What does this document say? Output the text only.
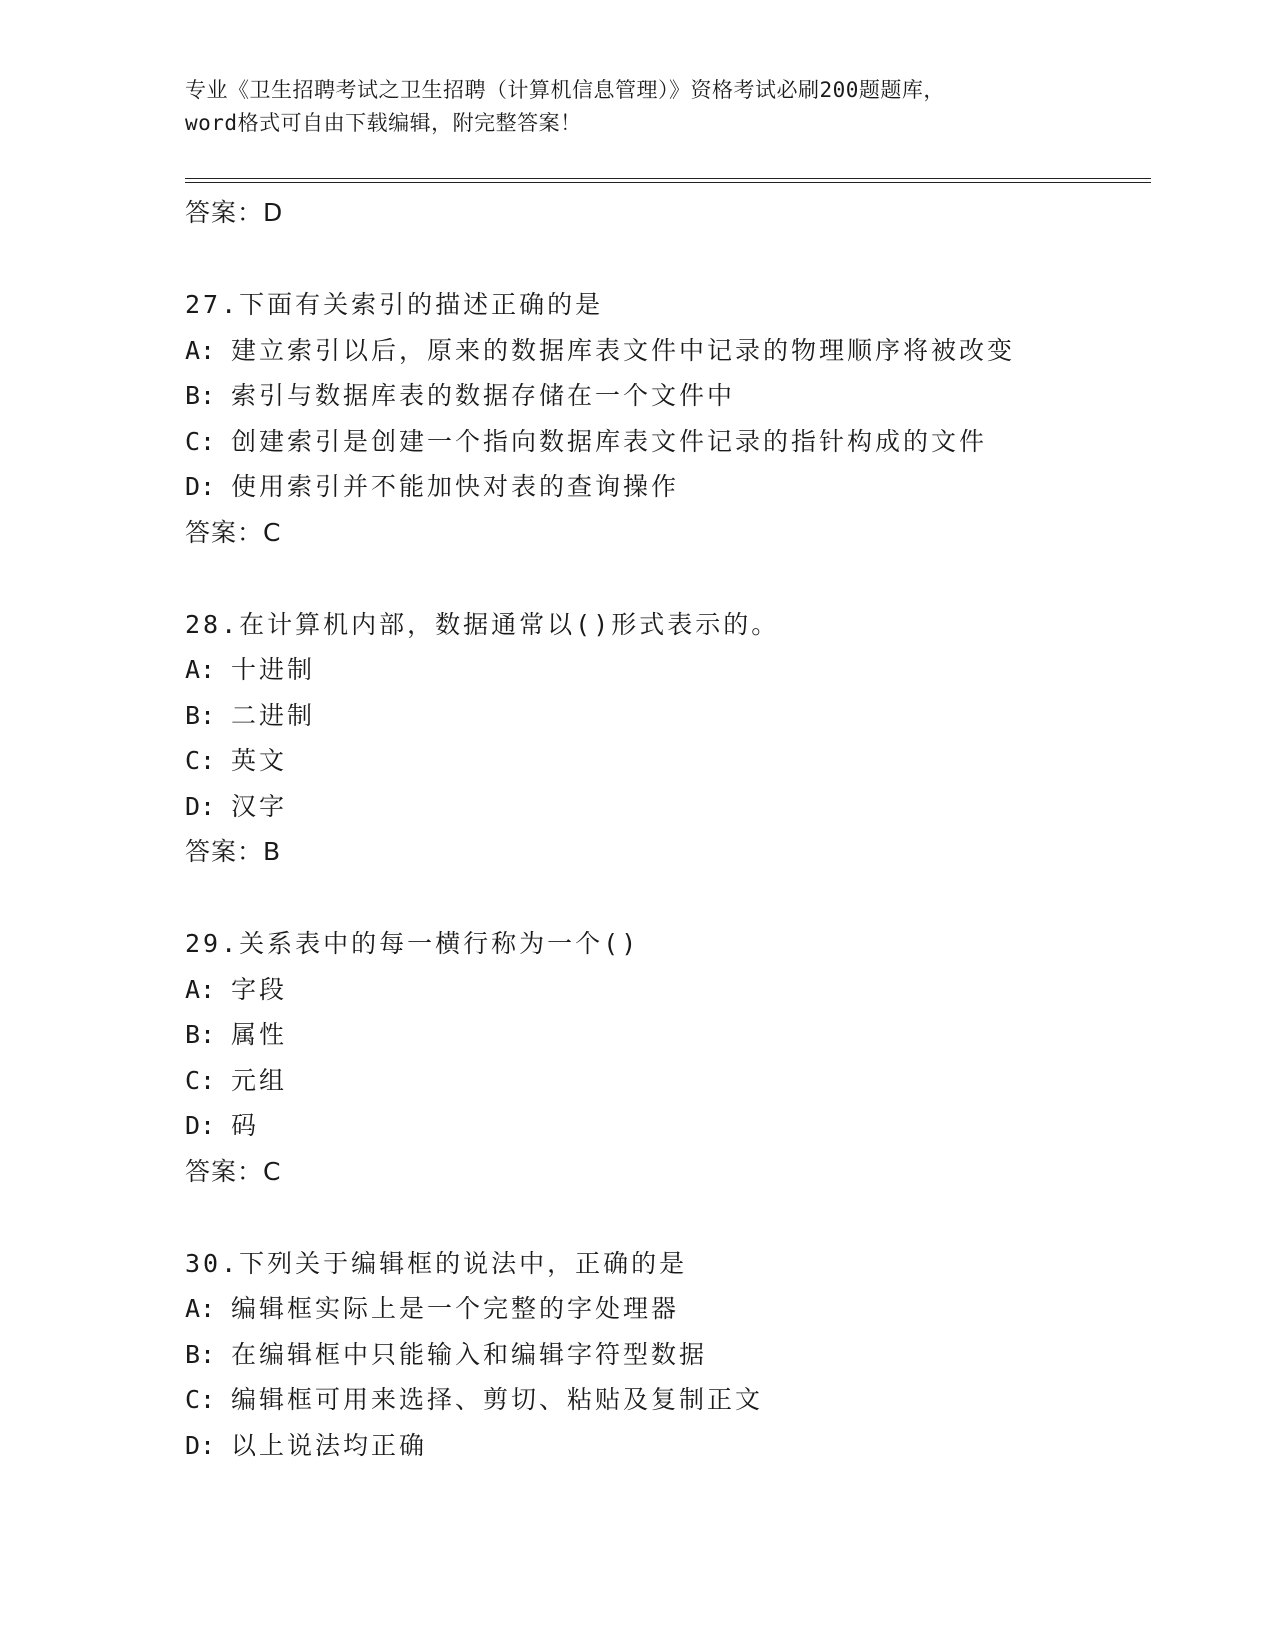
专业《卫生招聘考试之卫生招聘（计算机信息管理）》资格考试必刷200题题库，
word格式可自由下载编辑，附完整答案！
答案：D
27.下面有关索引的描述正确的是
A: 建立索引以后，原来的数据库表文件中记录的物理顺序将被改变
B: 索引与数据库表的数据存储在一个文件中
C: 创建索引是创建一个指向数据库表文件记录的指针构成的文件
D: 使用索引并不能加快对表的查询操作
答案：C
28.在计算机内部，数据通常以()形式表示的。
A: 十进制
B: 二进制
C: 英文
D: 汉字
答案：B
29.关系表中的每一横行称为一个()
A: 字段
B: 属性
C: 元组
D: 码
答案：C
30.下列关于编辑框的说法中，正确的是
A: 编辑框实际上是一个完整的字处理器
B: 在编辑框中只能输入和编辑字符型数据
C: 编辑框可用来选择、剪切、粘贴及复制正文
D: 以上说法均正确
